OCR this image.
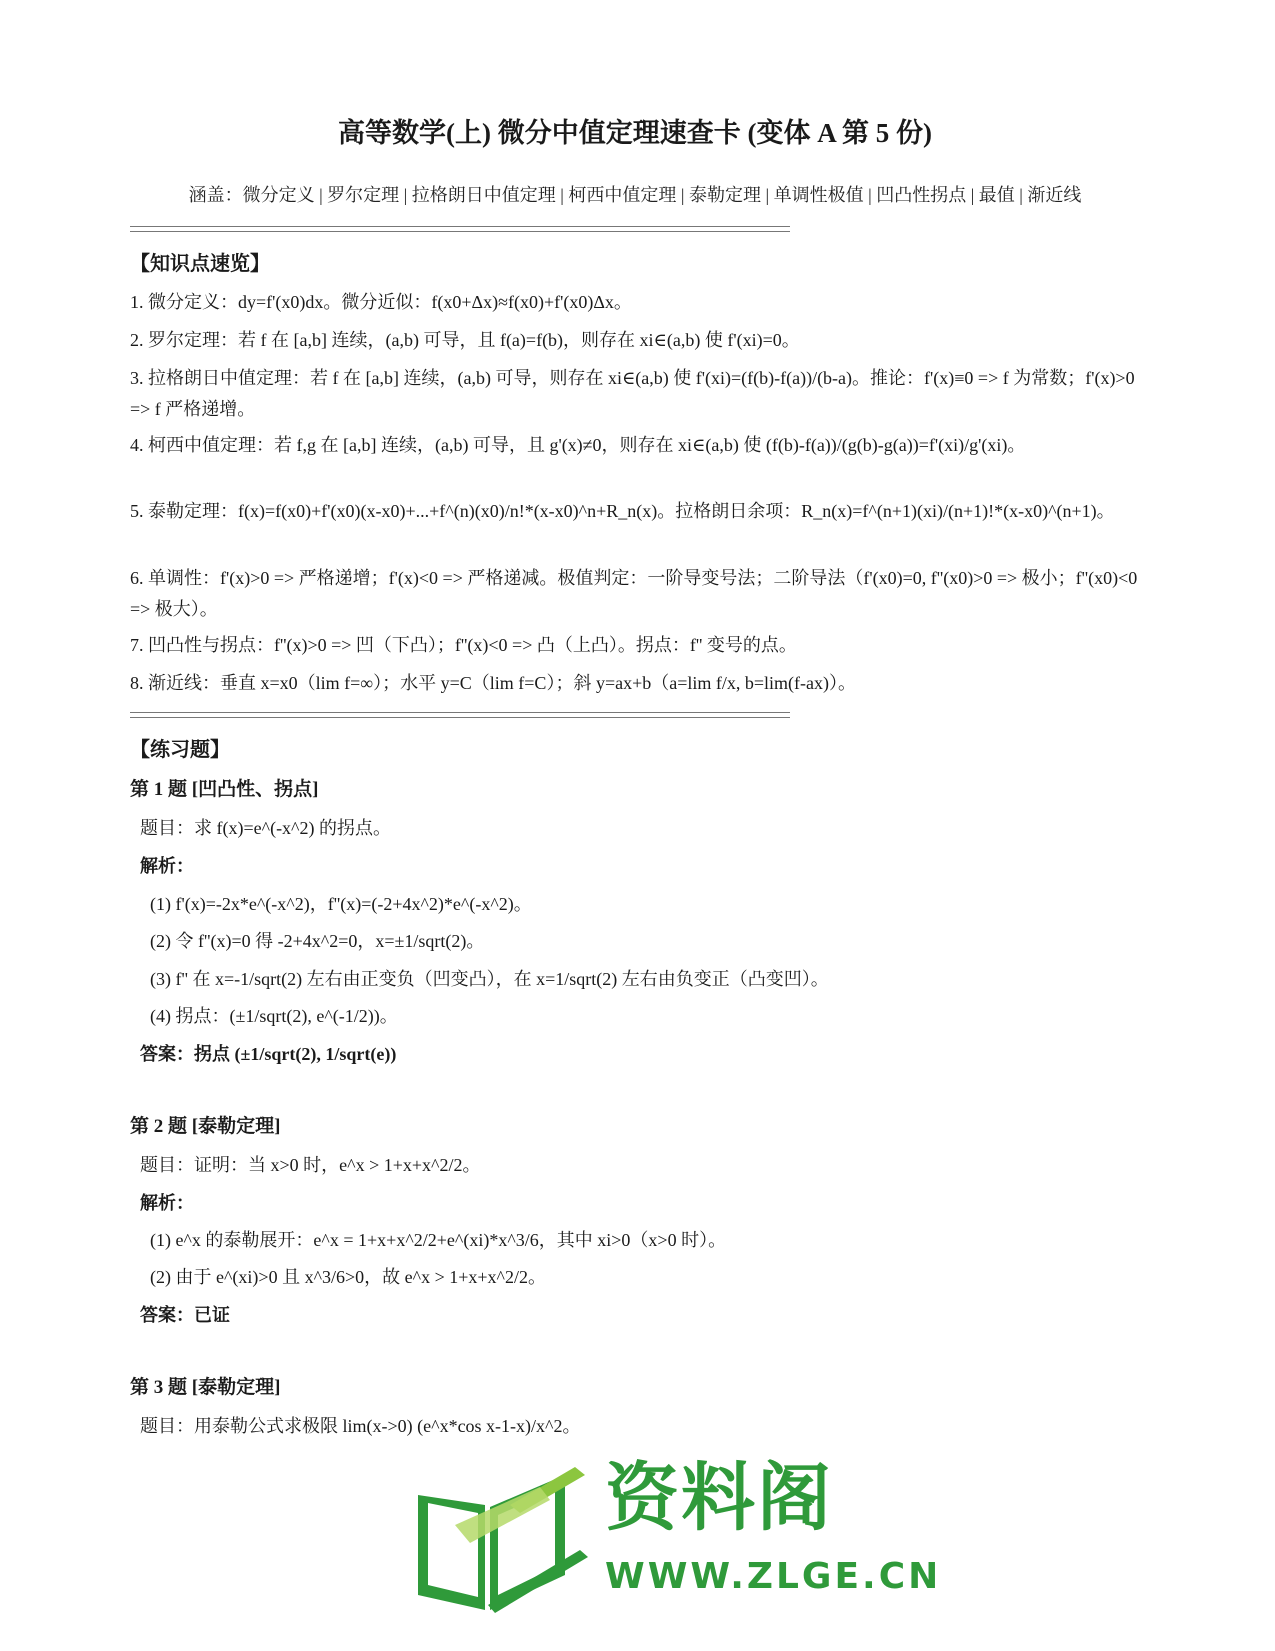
高等数学(上) 微分中值定理速查卡 (变体 A 第 5 份)
涵盖：微分定义 | 罗尔定理 | 拉格朗日中值定理 | 柯西中值定理 | 泰勒定理 | 单调性极值 | 凹凸性拐点 | 最值 | 渐近线
【知识点速览】
1. 微分定义：dy=f'(x0)dx。微分近似：f(x0+Δx)≈f(x0)+f'(x0)Δx。
2. 罗尔定理：若 f 在 [a,b] 连续，(a,b) 可导，且 f(a)=f(b)，则存在 xi∈(a,b) 使 f'(xi)=0。
3. 拉格朗日中值定理：若 f 在 [a,b] 连续，(a,b) 可导，则存在 xi∈(a,b) 使 f'(xi)=(f(b)-f(a))/(b-a)。推论：f'(x)≡0 => f 为常数；f'(x)>0 => f 严格递增。
4. 柯西中值定理：若 f,g 在 [a,b] 连续，(a,b) 可导，且 g'(x)≠0，则存在 xi∈(a,b) 使 (f(b)-f(a))/(g(b)-g(a))=f'(xi)/g'(xi)。
5. 泰勒定理：f(x)=f(x0)+f'(x0)(x-x0)+...+f^(n)(x0)/n!*(x-x0)^n+R_n(x)。拉格朗日余项：R_n(x)=f^(n+1)(xi)/(n+1)!*(x-x0)^(n+1)。
6. 单调性：f'(x)>0 => 严格递增；f'(x)<0 => 严格递减。极值判定：一阶导变号法；二阶导法（f'(x0)=0, f''(x0)>0 => 极小；f''(x0)<0 => 极大）。
7. 凹凸性与拐点：f''(x)>0 => 凹（下凸）；f''(x)<0 => 凸（上凸）。拐点：f'' 变号的点。
8. 渐近线：垂直 x=x0（lim f=∞）；水平 y=C（lim f=C）；斜 y=ax+b（a=lim f/x, b=lim(f-ax)）。
【练习题】
第 1 题 [凹凸性、拐点]
题目：求 f(x)=e^(-x^2) 的拐点。
解析：
(1) f'(x)=-2x*e^(-x^2)，f''(x)=(-2+4x^2)*e^(-x^2)。
(2) 令 f''(x)=0 得 -2+4x^2=0，x=±1/sqrt(2)。
(3) f'' 在 x=-1/sqrt(2) 左右由正变负（凹变凸），在 x=1/sqrt(2) 左右由负变正（凸变凹）。
(4) 拐点：(±1/sqrt(2), e^(-1/2))。
答案：拐点 (±1/sqrt(2), 1/sqrt(e))
第 2 题 [泰勒定理]
题目：证明：当 x>0 时，e^x > 1+x+x^2/2。
解析：
(1) e^x 的泰勒展开：e^x = 1+x+x^2/2+e^(xi)*x^3/6，其中 xi>0（x>0 时）。
(2) 由于 e^(xi)>0 且 x^3/6>0，故 e^x > 1+x+x^2/2。
答案：已证
第 3 题 [泰勒定理]
题目：用泰勒公式求极限 lim(x->0) (e^x*cos x-1-x)/x^2。
资料阁
WWW.ZLGE.CN
